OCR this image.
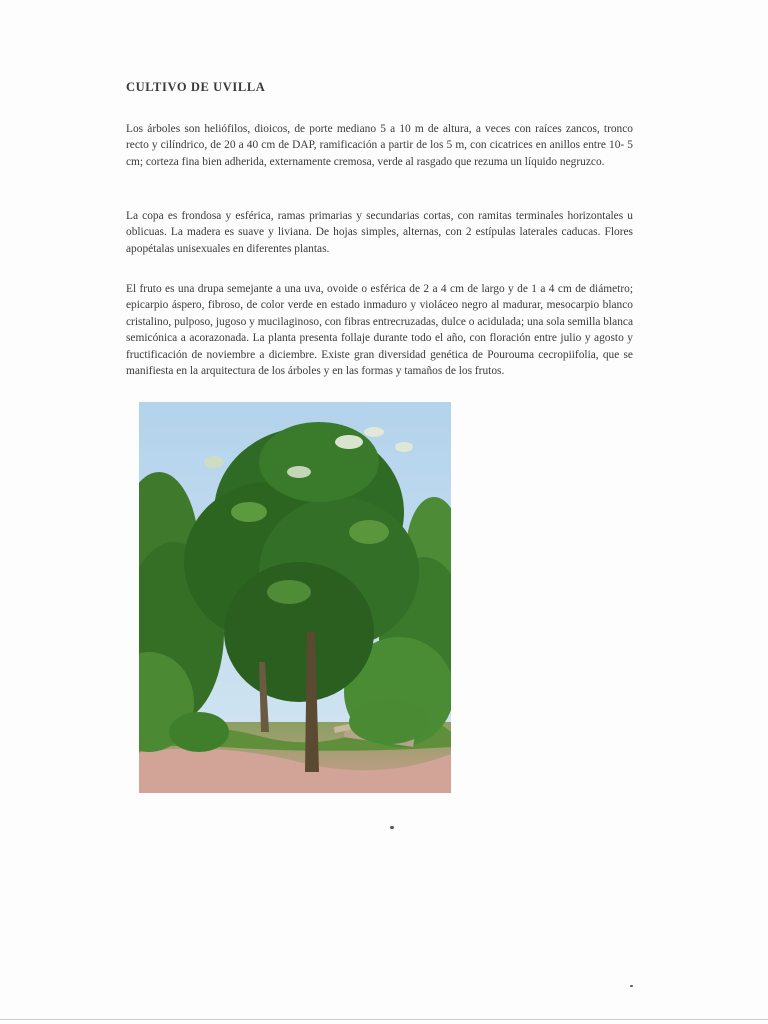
CULTIVO DE UVILLA

Los árboles son heliófilos, dioicos, de porte mediano 5 a 10 m de altura, a veces con raíces zancos, tronco recto y cilíndrico, de 20 a 40 cm de DAP, ramificación a partir de los 5 m, con cicatrices en anillos entre 10- 5 cm; corteza fina bien adherida, externamente cremosa, verde al rasgado que rezuma un líquido negruzco.

La copa es frondosa y esférica, ramas primarias y secundarias cortas, con ramitas terminales horizontales u oblicuas. La madera es suave y liviana. De hojas simples, alternas, con 2 estípulas laterales caducas. Flores apopétalas unisexuales en diferentes plantas.

El fruto es una drupa semejante a una uva, ovoide o esférica de 2 a 4 cm de largo y de 1 a 4 cm de diámetro; epicarpio áspero, fibroso, de color verde en estado inmaduro y violáceo negro al madurar, mesocarpio blanco cristalino, pulposo, jugoso y mucilaginoso, con fibras entrecruzadas, dulce o acidulada; una sola semilla blanca semicónica a acorazonada. La planta presenta follaje durante todo el año, con floración entre julio y agosto y fructificación de noviembre a diciembre. Existe gran diversidad genética de Pourouma cecropiifolia, que se manifiesta en la arquitectura de los árboles y en las formas y tamaños de los frutos.
